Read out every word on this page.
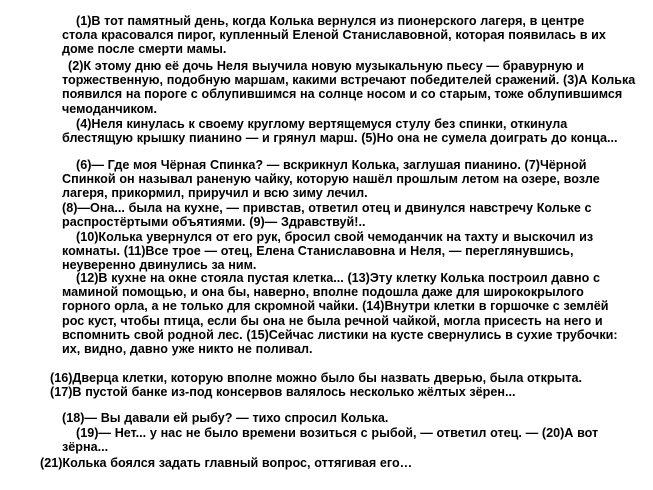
(1)В тот памятный день, когда Колька вернулся из пионерского лагеря, в центре стола красовался пирог, купленный Еленой Станиславовной, которая появилась в их доме после смерти мамы.

(2)К этому дню её дочь Неля выучила новую музыкальную пьесу — бравурную и торжественную, подобную маршам, какими встречают победителей сражений. (3)А Колька появился на пороге с облупившимся на солнце носом и со старым, тоже облупившимся чемоданчиком.

(4)Неля кинулась к своему круглому вертящемуся стулу без спинки, откинула блестящую крышку пианино — и грянул марш. (5)Но она не сумела доиграть до конца...

(6)— Где моя Чёрная Спинка? — вскрикнул Колька, заглушая пианино. (7)Чёрной Спинкой он называл раненую чайку, которую нашёл прошлым летом на озере, возле лагеря, прикормил, приручил и всю зиму лечил.

(8)—Она... была на кухне, — привстав, ответил отец и двинулся навстречу Кольке с распростёртыми объятиями. (9)— Здравствуй!..

(10)Колька увернулся от его рук, бросил свой чемоданчик на тахту и выскочил из комнаты. (11)Все трое — отец, Елена Станиславовна и Неля, — переглянувшись, неуверенно двинулись за ним.

(12)В кухне на окне стояла пустая клетка... (13)Эту клетку Колька построил давно с маминой помощью, и она бы, наверно, вполне подошла даже для ширококрылого горного орла, а не только для скромной чайки. (14)Внутри клетки в горшочке с землёй рос куст, чтобы птица, если бы она не была речной чайкой, могла присесть на него и вспомнить свой родной лес. (15)Сейчас листики на кусте свернулись в сухие трубочки: их, видно, давно уже никто не поливал.

(16)Дверца клетки, которую вполне можно было бы назвать дверью, была открыта. (17)В пустой банке из-под консервов валялось несколько жёлтых зёрен...

(18)— Вы давали ей рыбу? — тихо спросил Колька.

(19)— Нет... у нас не было времени возиться с рыбой, — ответил отец. — (20)А вот зёрна...

(21)Колька боялся задать главный вопрос, оттягивая его…
